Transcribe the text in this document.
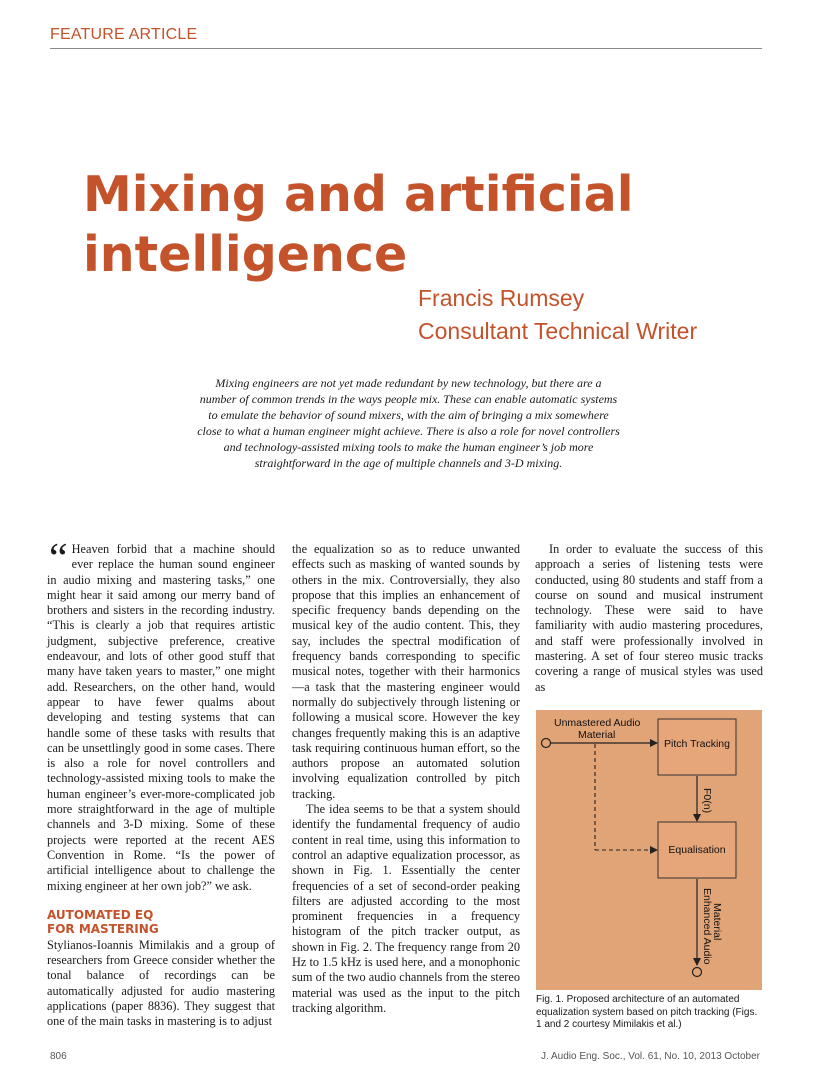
FEATURE ARTICLE
Mixing and artificial intelligence
Francis Rumsey
Consultant Technical Writer
Mixing engineers are not yet made redundant by new technology, but there are a number of common trends in the ways people mix. These can enable automatic systems to emulate the behavior of sound mixers, with the aim of bringing a mix somewhere close to what a human engineer might achieve. There is also a role for novel controllers and technology-assisted mixing tools to make the human engineer’s job more straightforward in the age of multiple channels and 3-D mixing.

“ Heaven forbid that a machine should ever replace the human sound engineer in audio mixing and mastering tasks,” one might hear it said among our merry band of brothers and sisters in the recording industry. “This is clearly a job that requires artistic judgment, subjective preference, creative endeavour, and lots of other good stuff that many have taken years to master,” one might add. Researchers, on the other hand, would appear to have fewer qualms about developing and testing systems that can handle some of these tasks with results that can be unsettlingly good in some cases. There is also a role for novel controllers and technology-assisted mixing tools to make the human engineer’s ever-more-complicated job more straightforward in the age of multiple channels and 3-D mixing. Some of these projects were reported at the recent AES Convention in Rome. “Is the power of artificial intelligence about to challenge the mixing engineer at her own job?” we ask.

AUTOMATED EQ
FOR MASTERING

Stylianos-Ioannis Mimilakis and a group of researchers from Greece consider whether the tonal balance of recordings can be automatically adjusted for audio mastering applications (paper 8836). They suggest that one of the main tasks in mastering is to adjust

the equalization so as to reduce unwanted effects such as masking of wanted sounds by others in the mix. Controversially, they also propose that this implies an enhancement of specific frequency bands depending on the musical key of the audio content. This, they say, includes the spectral modification of frequency bands corresponding to specific musical notes, together with their harmonics—a task that the mastering engineer would normally do subjectively through listening or following a musical score. However the key changes frequently making this is an adaptive task requiring continuous human effort, so the authors propose an automated solution involving equalization controlled by pitch tracking.

The idea seems to be that a system should identify the fundamental frequency of audio content in real time, using this information to control an adaptive equalization processor, as shown in Fig. 1. Essentially the center frequencies of a set of second-order peaking filters are adjusted according to the most prominent frequencies in a frequency histogram of the pitch tracker output, as shown in Fig. 2. The frequency range from 20 Hz to 1.5 kHz is used here, and a monophonic sum of the two audio channels from the stereo material was used as the input to the pitch tracking algorithm.

In order to evaluate the success of this approach a series of listening tests were conducted, using 80 students and staff from a course on sound and musical instrument technology. These were said to have familiarity with audio mastering procedures, and staff were professionally involved in mastering. A set of four stereo music tracks covering a range of musical styles was used as

Unmastered Audio
Material
Pitch Tracking
F0(n)
Equalisation
Enhanced Audio
Material
Fig. 1. Proposed architecture of an automated equalization system based on pitch tracking (Figs. 1 and 2 courtesy Mimilakis et al.)
806	J. Audio Eng. Soc., Vol. 61, No. 10, 2013 October
